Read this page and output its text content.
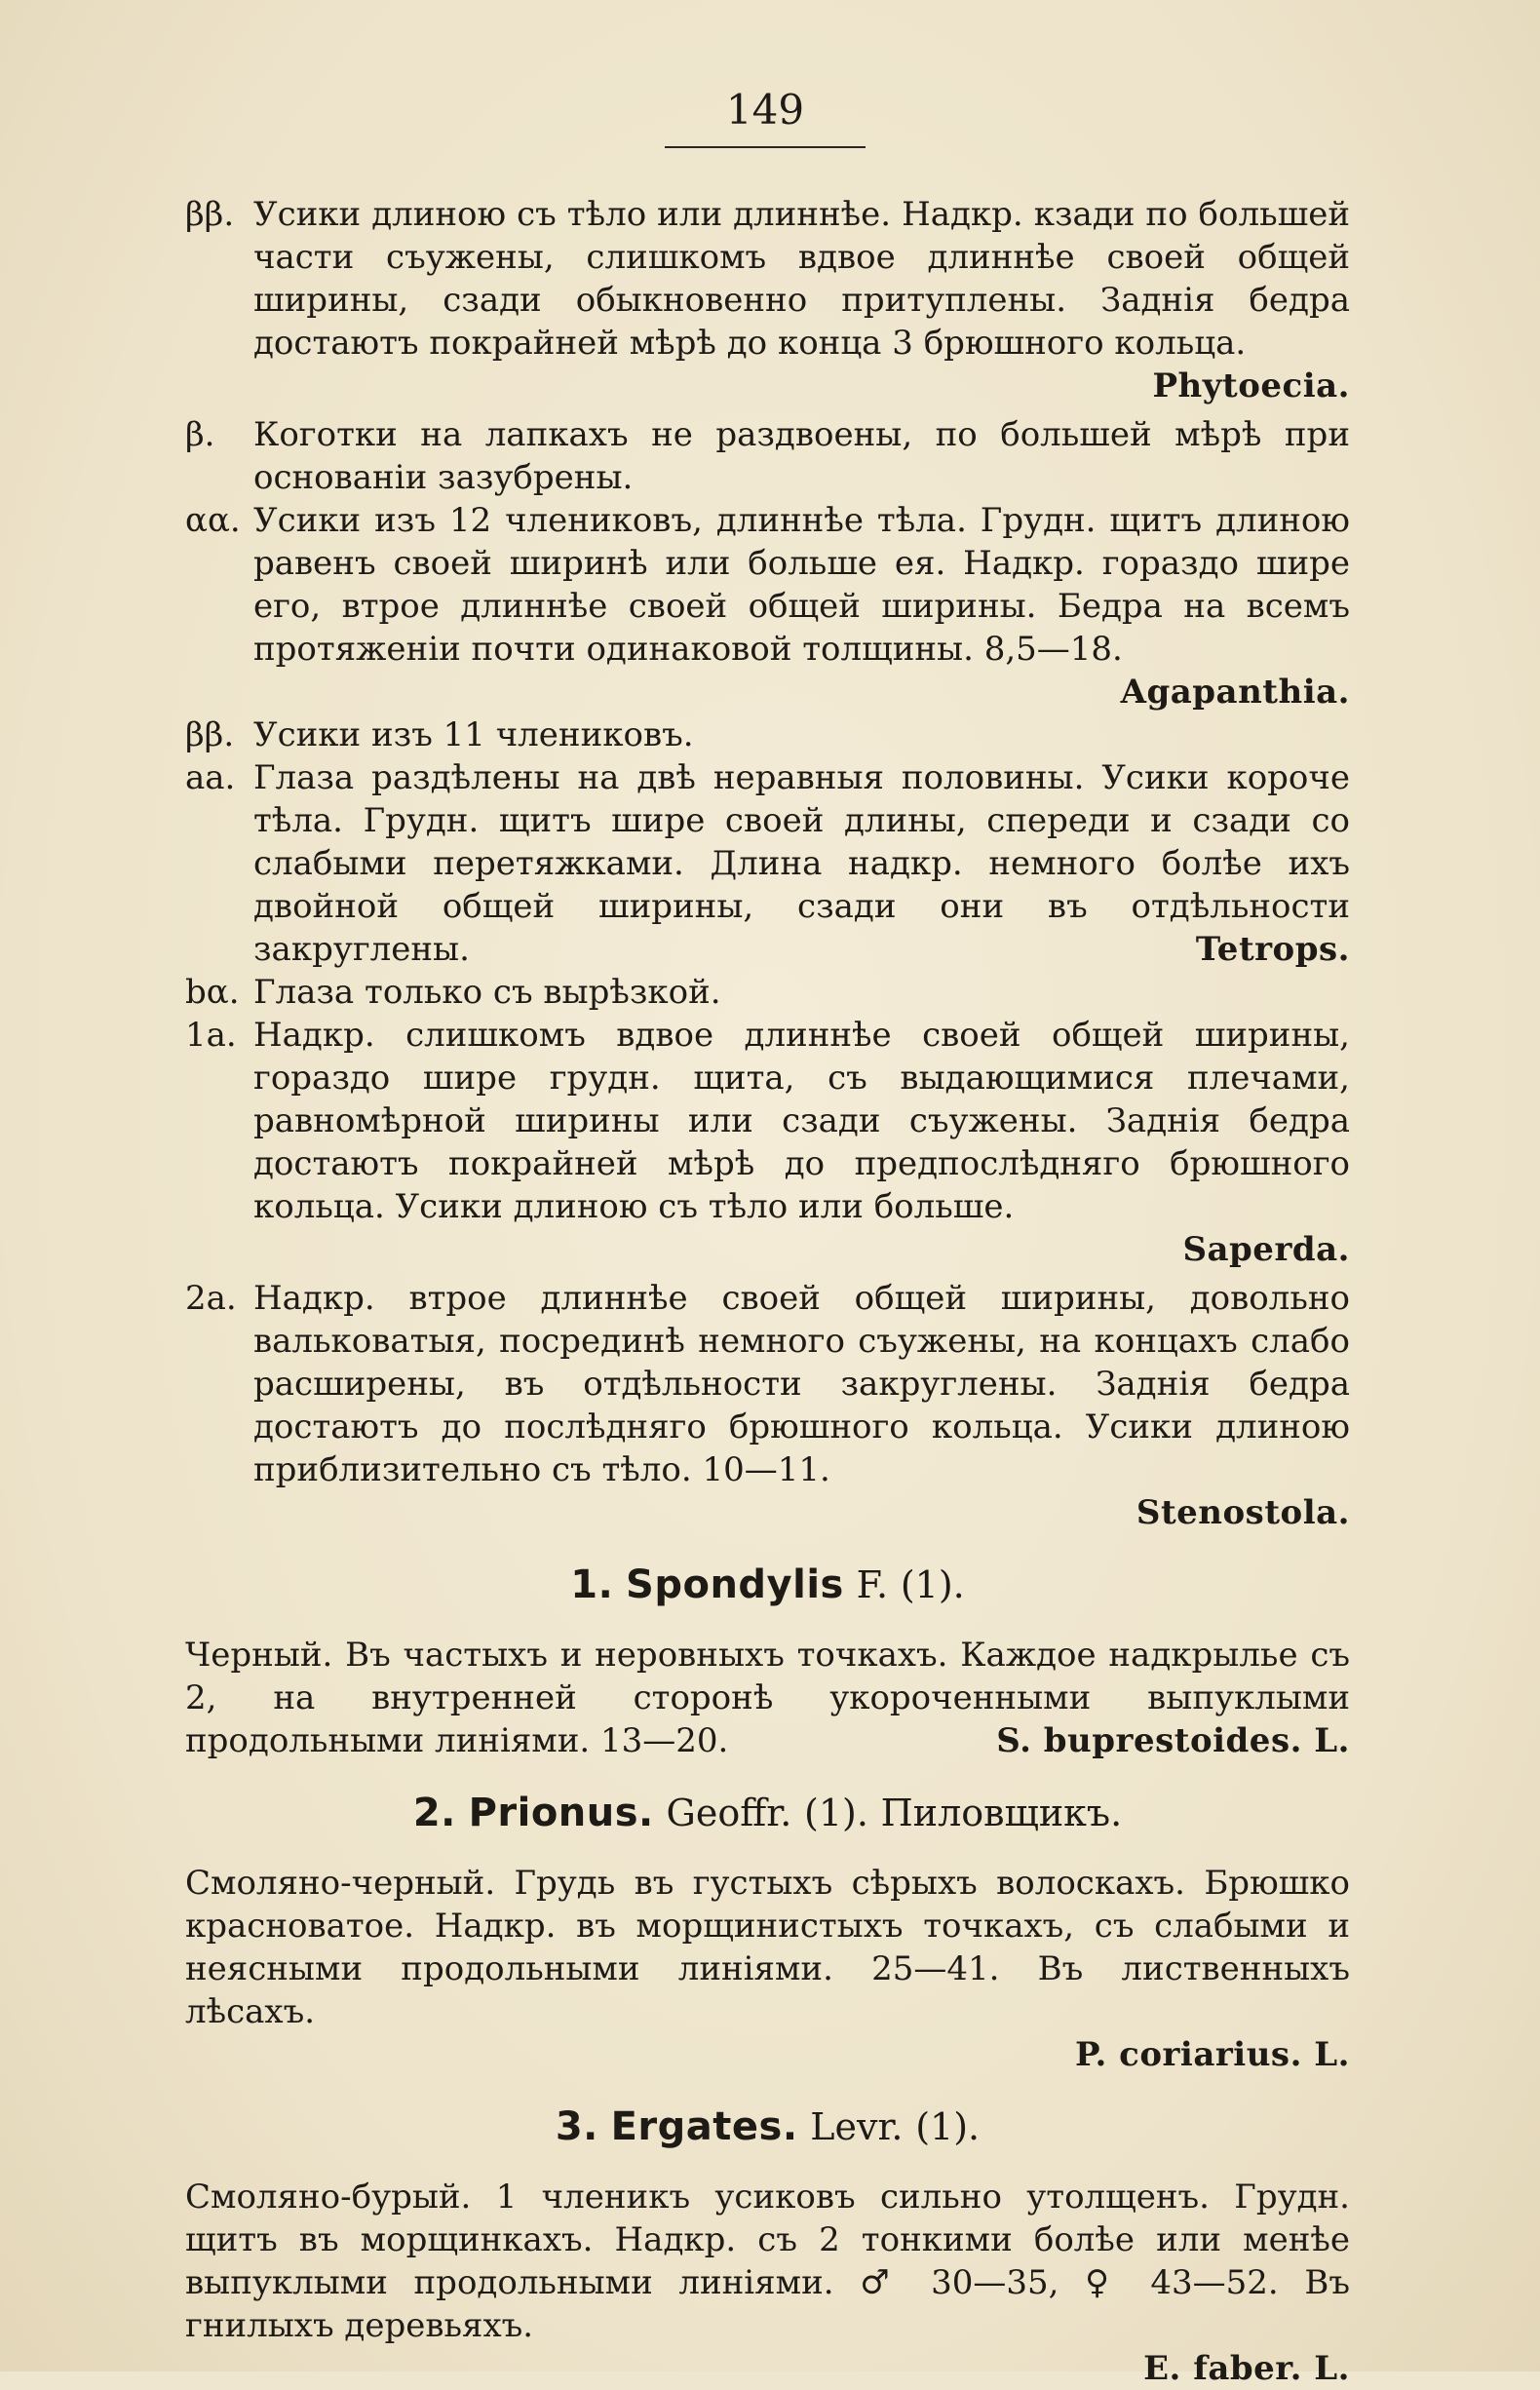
149
ββ. Усики длиною съ тѣло или длиннѣе. Надкр. кзади по большей части съужены, слишкомъ вдвое длиннѣе своей общей ширины, сзади обыкновенно притуплены. Заднія бедра достаютъ покрайней мѣрѣ до конца 3 брюшного кольца.
Phytoecia.
β.	Коготки на лапкахъ не раздвоены, по большей мѣрѣ при основаніи зазубрены.
αα. Усики изъ 12 члениковъ, длиннѣе тѣла. Грудн. щитъ длиною равенъ своей ширинѣ или больше ея. Надкр. гораздо шире его, втрое длиннѣе своей общей ширины. Бедра на всемъ протяженіи почти одинаковой толщины. 8,5—18.
Agapanthia.
ββ. Усики изъ 11 члениковъ.
aa. Глаза раздѣлены на двѣ неравныя половины. Усики короче тѣла. Грудн. щитъ шире своей длины, спереди и сзади со слабыми перетяжками. Длина надкр. немного болѣе ихъ двойной общей ширины, сзади они въ отдѣльности закруглены.	Tetrops.
bα. Глаза только съ вырѣзкой.
1a. Надкр. слишкомъ вдвое длиннѣе своей общей ширины, гораздо шире грудн. щита, съ выдающимися плечами, равномѣрной ширины или сзади съужены. Заднія бедра достаютъ покрайней мѣрѣ до предпослѣдняго брюшного кольца. Усики длиною съ тѣло или больше.
Saperda.
2a. Надкр. втрое длиннѣе своей общей ширины, довольно вальковатыя, посрединѣ немного съужены, на концахъ слабо расширены, въ отдѣльности закруглены. Заднія бедра достаютъ до послѣдняго брюшного кольца. Усики длиною приблизительно съ тѣло. 10—11.
Stenostola.
1. Spondylis F. (1).
Черный. Въ частыхъ и неровныхъ точкахъ. Каждое надкрылье съ 2, на внутренней сторонѣ укороченными выпуклыми продольными линіями. 13—20.	S. buprestoides. L.
2. Prionus. Geoffr. (1). Пиловщикъ.
Смоляно-черный. Грудь въ густыхъ сѣрыхъ волоскахъ. Брюшко красноватое. Надкр. въ морщинистыхъ точкахъ, съ слабыми и неясными продольными линіями. 25—41. Въ лиственныхъ лѣсахъ.
P. coriarius. L.
3. Ergates. Levr. (1).
Смоляно-бурый. 1 членикъ усиковъ сильно утолщенъ. Грудн. щитъ въ морщинкахъ. Надкр. съ 2 тонкими болѣе или менѣе выпуклыми продольными линіями. ♂ 30—35, ♀ 43—52. Въ гнилыхъ деревьяхъ.
E. faber. L.
